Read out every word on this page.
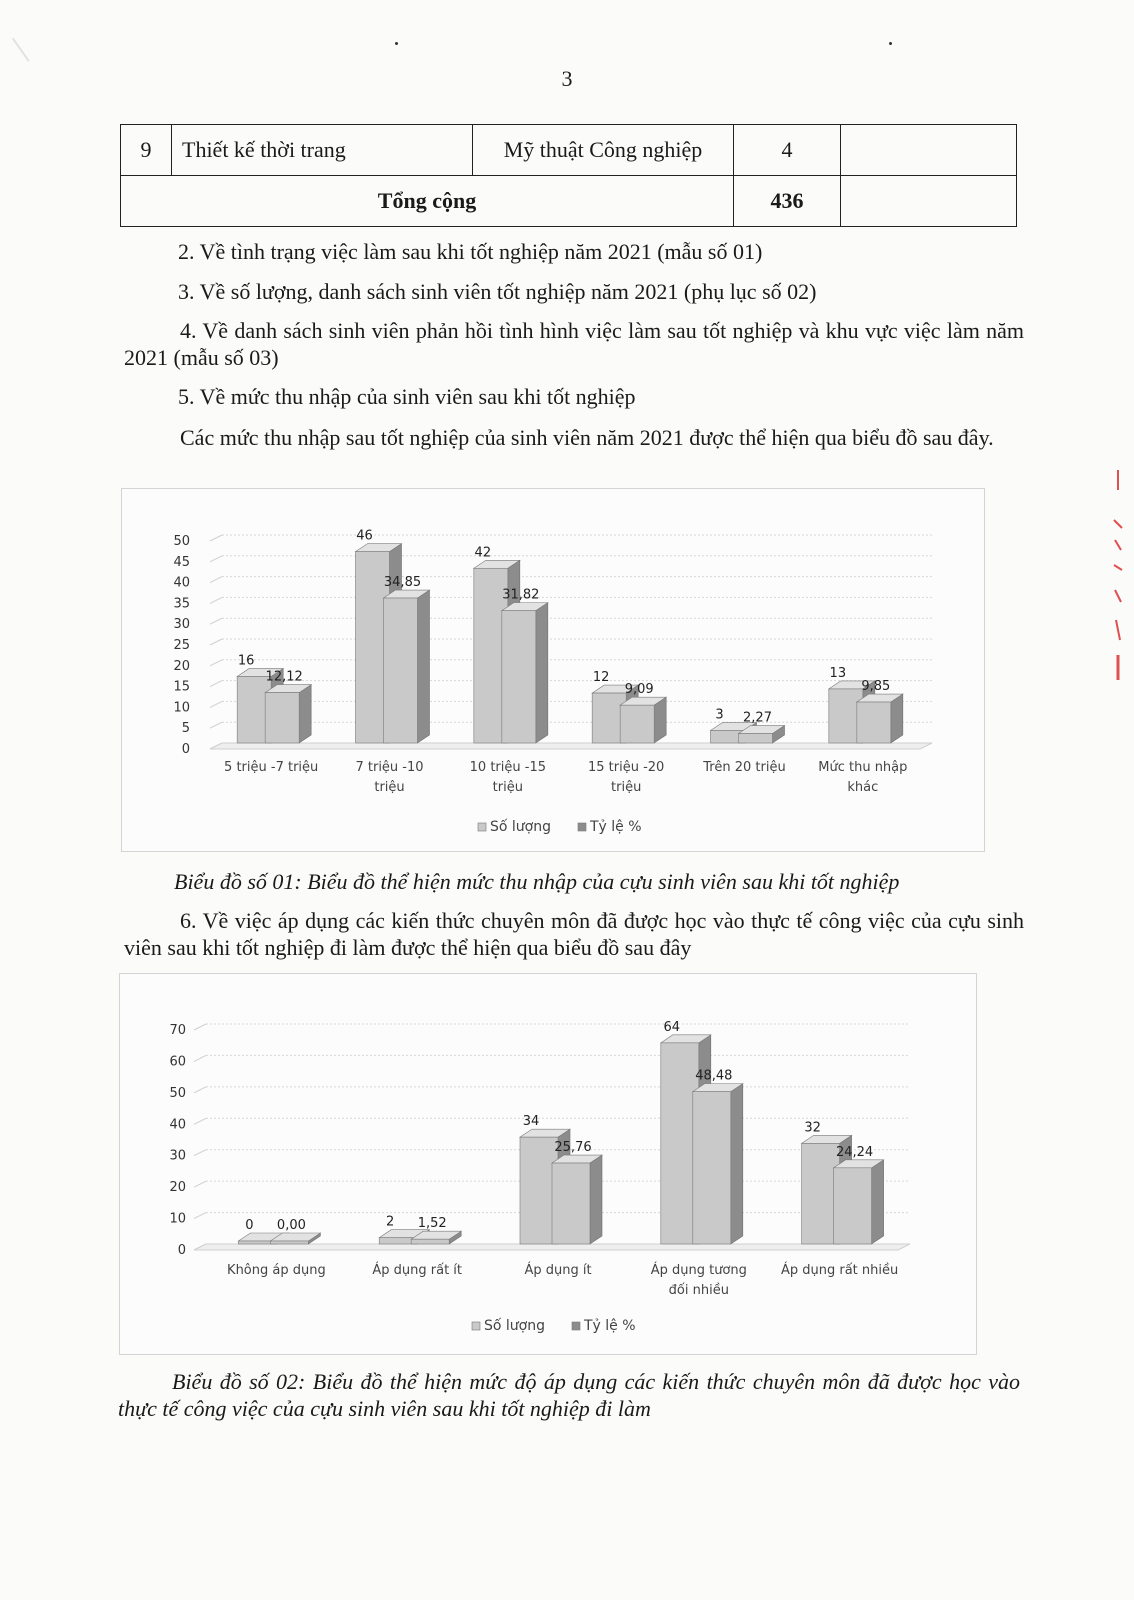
3
9	Thiết kế thời trang	Mỹ thuật Công nghiệp	4	
Tổng cộng			436	
2. Về tình trạng việc làm sau khi tốt nghiệp năm 2021 (mẫu số 01)
3. Về số lượng, danh sách sinh viên tốt nghiệp năm 2021 (phụ lục số 02)
4. Về danh sách sinh viên phản hồi tình hình việc làm sau tốt nghiệp và khu vực việc làm năm 2021 (mẫu số 03)
5. Về mức thu nhập của sinh viên sau khi tốt nghiệp
Các mức thu nhập sau tốt nghiệp của sinh viên năm 2021 được thể hiện qua biểu đồ sau đây.
0
5
10
15
20
25
30
35
40
45
50
16
12,12
5 triệu -7 triệu
46
34,85
7 triệu -10
triệu
42
31,82
10 triệu -15
triệu
12
9,09
15 triệu -20
triệu
3 2,27
Trên 20 triệu
13
9,85
Mức thu nhập
khác
Số lượng	Tỷ lệ %
Biểu đồ số 01: Biểu đồ thể hiện mức thu nhập của cựu sinh viên sau khi tốt nghiệp
6. Về việc áp dụng các kiến thức chuyên môn đã được học vào thực tế công việc của cựu sinh viên sau khi tốt nghiệp đi làm được thể hiện qua biểu đồ sau đây
0
10
20
30
40
50
60
70
0 0,00
Không áp dụng
2 1,52
Áp dụng rất ít
34
25,76
Áp dụng ít
64
48,48
Áp dụng tương
đối nhiều
32
24,24
Áp dụng rất nhiều
Số lượng	Tỷ lệ %
Biểu đồ số 02: Biểu đồ thể hiện mức độ áp dụng các kiến thức chuyên môn đã được học vào thực tế công việc của cựu sinh viên sau khi tốt nghiệp đi làm
